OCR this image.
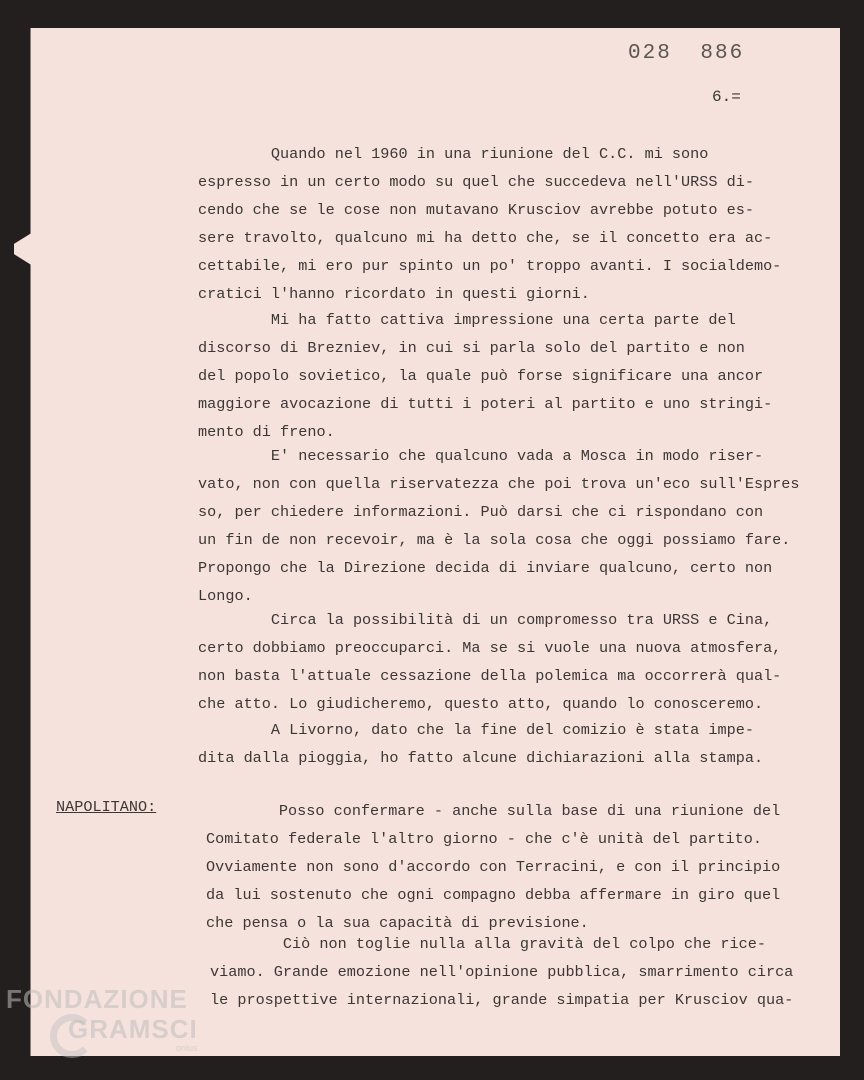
028 886
6.=
Quando nel 1960 in una riunione del C.C. mi sono
espresso in un certo modo su quel che succedeva nell'URSS di-
cendo che se le cose non mutavano Krusciov avrebbe potuto es-
sere travolto, qualcuno mi ha detto che, se il concetto era ac-
cettabile, mi ero pur spinto un po' troppo avanti. I socialdemo-
cratici l'hanno ricordato in questi giorni.
Mi ha fatto cattiva impressione una certa parte del
discorso di Brezniev, in cui si parla solo del partito e non
del popolo sovietico, la quale può forse significare una ancor
maggiore avocazione di tutti i poteri al partito e uno stringi-
mento di freno.
E' necessario che qualcuno vada a Mosca in modo riser-
vato, non con quella riservatezza che poi trova un'eco sull'Espres
so, per chiedere informazioni. Può darsi che ci rispondano con
un fin de non recevoir, ma è la sola cosa che oggi possiamo fare.
Propongo che la Direzione decida di inviare qualcuno, certo non
Longo.
Circa la possibilità di un compromesso tra URSS e Cina,
certo dobbiamo preoccuparci. Ma se si vuole una nuova atmosfera,
non basta l'attuale cessazione della polemica ma occorrerà qual-
che atto. Lo giudicheremo, questo atto, quando lo conosceremo.
A Livorno, dato che la fine del comizio è stata impe-
dita dalla pioggia, ho fatto alcune dichiarazioni alla stampa.
NAPOLITANO:	Posso confermare - anche sulla base di una riunione del
Comitato federale l'altro giorno - che c'è unità del partito.
Ovviamente non sono d'accordo con Terracini, e con il principio
da lui sostenuto che ogni compagno debba affermare in giro quel
che pensa o la sua capacità di previsione.
Ciò non toglie nulla alla gravità del colpo che rice-
viamo. Grande emozione nell'opinione pubblica, smarrimento circa
le prospettive internazionali, grande simpatia per Krusciov qua-
FONDAZIONE
GRAMSCI
onlus
